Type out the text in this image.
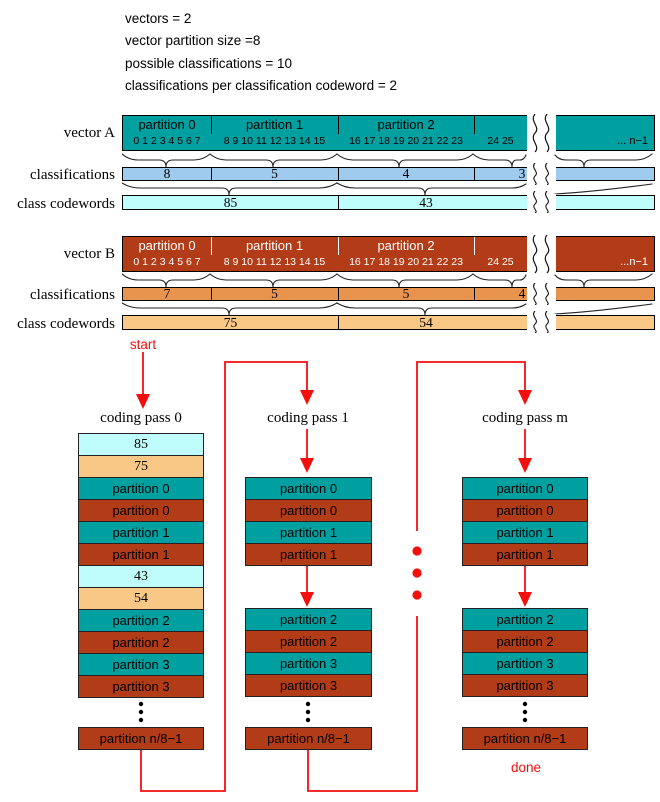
vectors = 2

vector partition size =8

possible classifications = 10

classifications per classification codeword = 2

vector A
partition 0	partition 1	partition 2
0 1 2 3 4 5 6 7	8 9 10 11 12 13 14 15	16 17 18 19 20 21 22 23	24 25	... n−1
classifications	8	5	4	3
class codewords	85	43
vector B
partition 0	partition 1	partition 2
0 1 2 3 4 5 6 7	8 9 10 11 12 13 14 15	16 17 18 19 20 21 22 23	24 25	...n−1
classifications	7	5	5	4
class codewords	75	54
start
done
coding pass 0	coding pass 1	coding pass m
85
75
partition 0
partition 0
partition 1
partition 1
43
54
partition 2
partition 2
partition 3
partition 3
partition n/8−1
partition 0
partition 0
partition 1
partition 1
partition 2
partition 2
partition 3
partition 3
partition n/8−1
partition 0
partition 0
partition 1
partition 1
partition 2
partition 2
partition 3
partition 3
partition n/8−1
